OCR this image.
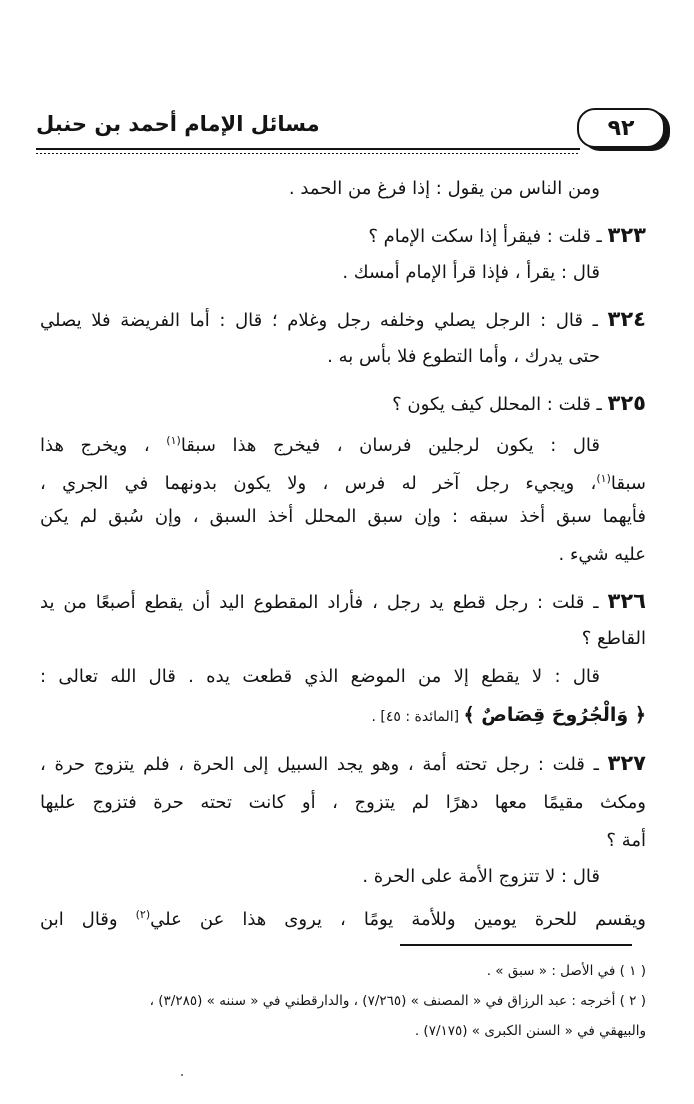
٩٢
مسائل الإمام أحمد بن حنبل
ومن الناس من يقول : إذا فرغ من الحمد .
٣٢٣ ـ قلت : فيقرأ إذا سكت الإمام ؟
قال : يقرأ ، فإذا قرأ الإمام أمسك .
٣٢٤ ـ قال : الرجل يصلي وخلفه رجل وغلام ؛ قال : أما الفريضة فلا يصلي
حتى يدرك ، وأما التطوع فلا بأس به .
٣٢٥ ـ قلت : المحلل كيف يكون ؟
قال : يكون لرجلين فرسان ، فيخرج هذا سبقا$^{(١)}$ ، ويخرج هذا
سبقا$^{(١)}$، ويجيء رجل آخر له فرس ، ولا يكون بدونهما في الجري ،
فأيهما سبق أخذ سبقه : وإن سبق المحلل أخذ السبق ، وإن سُبق لم يكن
عليه شيء .
٣٢٦ ـ قلت : رجل قطع يد رجل ، فأراد المقطوع اليد أن يقطع أصبعًا من يد
القاطع ؟
قال : لا يقطع إلا من الموضع الذي قطعت يده . قال الله تعالى :
﴿ وَالْجُرُوحَ قِصَاصٌ ﴾ [المائدة : ٤٥] .
٣٢٧ ـ قلت : رجل تحته أمة ، وهو يجد السبيل إلى الحرة ، فلم يتزوج حرة ،
ومكث مقيمًا معها دهرًا لم يتزوج ، أو كانت تحته حرة فتزوج عليها
أمة ؟
قال : لا تتزوج الأمة على الحرة .
ويقسم للحرة يومين وللأمة يومًا ، يروى هذا عن علي$^{(٢)}$ وقال ابن
( ١ ) في الأصل : « سبق » .
( ٢ ) أخرجه : عبد الرزاق في « المصنف » (٧/٢٦٥) ، والدارقطني في « سننه » (٣/٢٨٥) ،
والبيهقي في « السنن الكبرى » (٧/١٧٥) .
